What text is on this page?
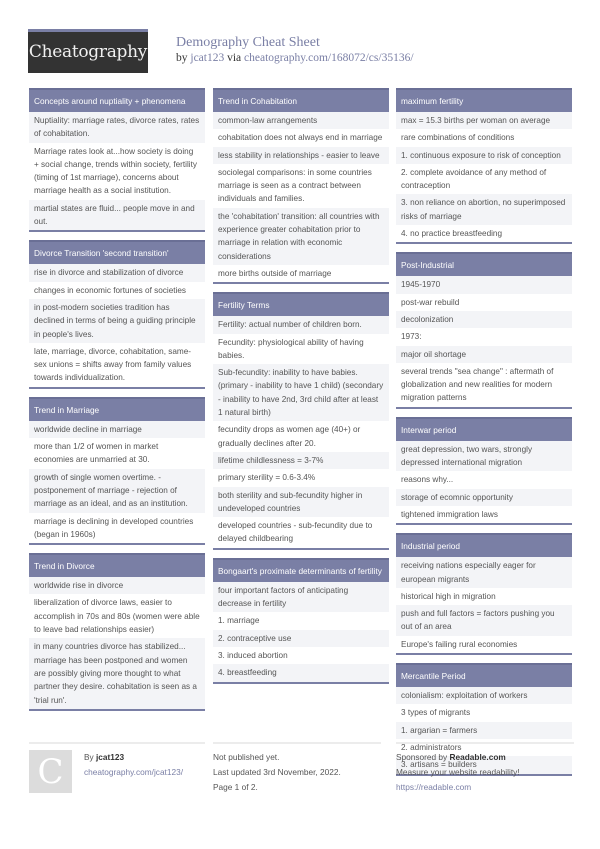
Cheatography Demography Cheat Sheet
by jcat123 via cheatography.com/168072/cs/35136/
Concepts around nuptiality + phenomena
Nuptiality: marriage rates, divorce rates, rates of cohabitation.
Marriage rates look at...how society is doing + social change, trends within society, fertility (timing of 1st marriage), concerns about marriage health as a social institution.
martial states are fluid... people move in and out.
Divorce Transition 'second transition'
rise in divorce and stabilization of divorce
changes in economic fortunes of societies
in post-modern societies tradition has declined in terms of being a guiding principle in people's lives.
late, marriage, divorce, cohabitation, same-sex unions = shifts away from family values towards individualization.
Trend in Marriage
worldwide decline in marriage
more than 1/2 of women in market economies are unmarried at 30.
growth of single women overtime. - postponement of marriage - rejection of marriage as an ideal, and as an institution.
marriage is declining in developed countries (began in 1960s)
Trend in Divorce
worldwide rise in divorce
liberalization of divorce laws, easier to accomplish in 70s and 80s (women were able to leave bad relationships easier)
in many countries divorce has stabilized... marriage has been postponed and women are possibly giving more thought to what partner they desire. cohabitation is seen as a 'trial run'.
Trend in Cohabitation
common-law arrangements
cohabitation does not always end in marriage
less stability in relationships - easier to leave
sociolegal comparisons: in some countries marriage is seen as a contract between individuals and families.
the 'cohabitation' transition: all countries with experience greater cohabitation prior to marriage in relation with economic considerations
more births outside of marriage
Fertility Terms
Fertility: actual number of children born.
Fecundity: physiological ability of having babies.
Sub-fecundity: inability to have babies. (primary - inability to have 1 child) (secondary - inability to have 2nd, 3rd child after at least 1 natural birth)
fecundity drops as women age (40+) or gradually declines after 20.
lifetime childlessness = 3-7%
primary sterility = 0.6-3.4%
both sterility and sub-fecundity higher in undeveloped countries
developed countries - sub-fecundity due to delayed childbearing
Bongaart's proximate determinants of fertility
four important factors of anticipating decrease in fertility
1. marriage
2. contraceptive use
3. induced abortion
4. breastfeeding
maximum fertility
max = 15.3 births per woman on average
rare combinations of conditions
1. continuous exposure to risk of conception
2. complete avoidance of any method of contraception
3. non reliance on abortion, no superimposed risks of marriage
4. no practice breastfeeding
Post-Industrial
1945-1970
post-war rebuild
decolonization
1973:
major oil shortage
several trends "sea change" : aftermath of globalization and new realities for modern migration patterns
Interwar period
great depression, two wars, strongly depressed international migration
reasons why...
storage of ecomnic opportunity
tightened immigration laws
Industrial period
receiving nations especially eager for european migrants
historical high in migration
push and full factors = factors pushing you out of an area
Europe's failing rural economies
Mercantile Period
colonialism: exploitation of workers
3 types of migrants
1. argarian = farmers
2. administrators
3. artisans = builders
C	By jcat123
cheatography.com/jcat123/
Not published yet.
Last updated 3rd November, 2022.
Page 1 of 2.
Sponsored by Readable.com
Measure your website readability!
https://readable.com
